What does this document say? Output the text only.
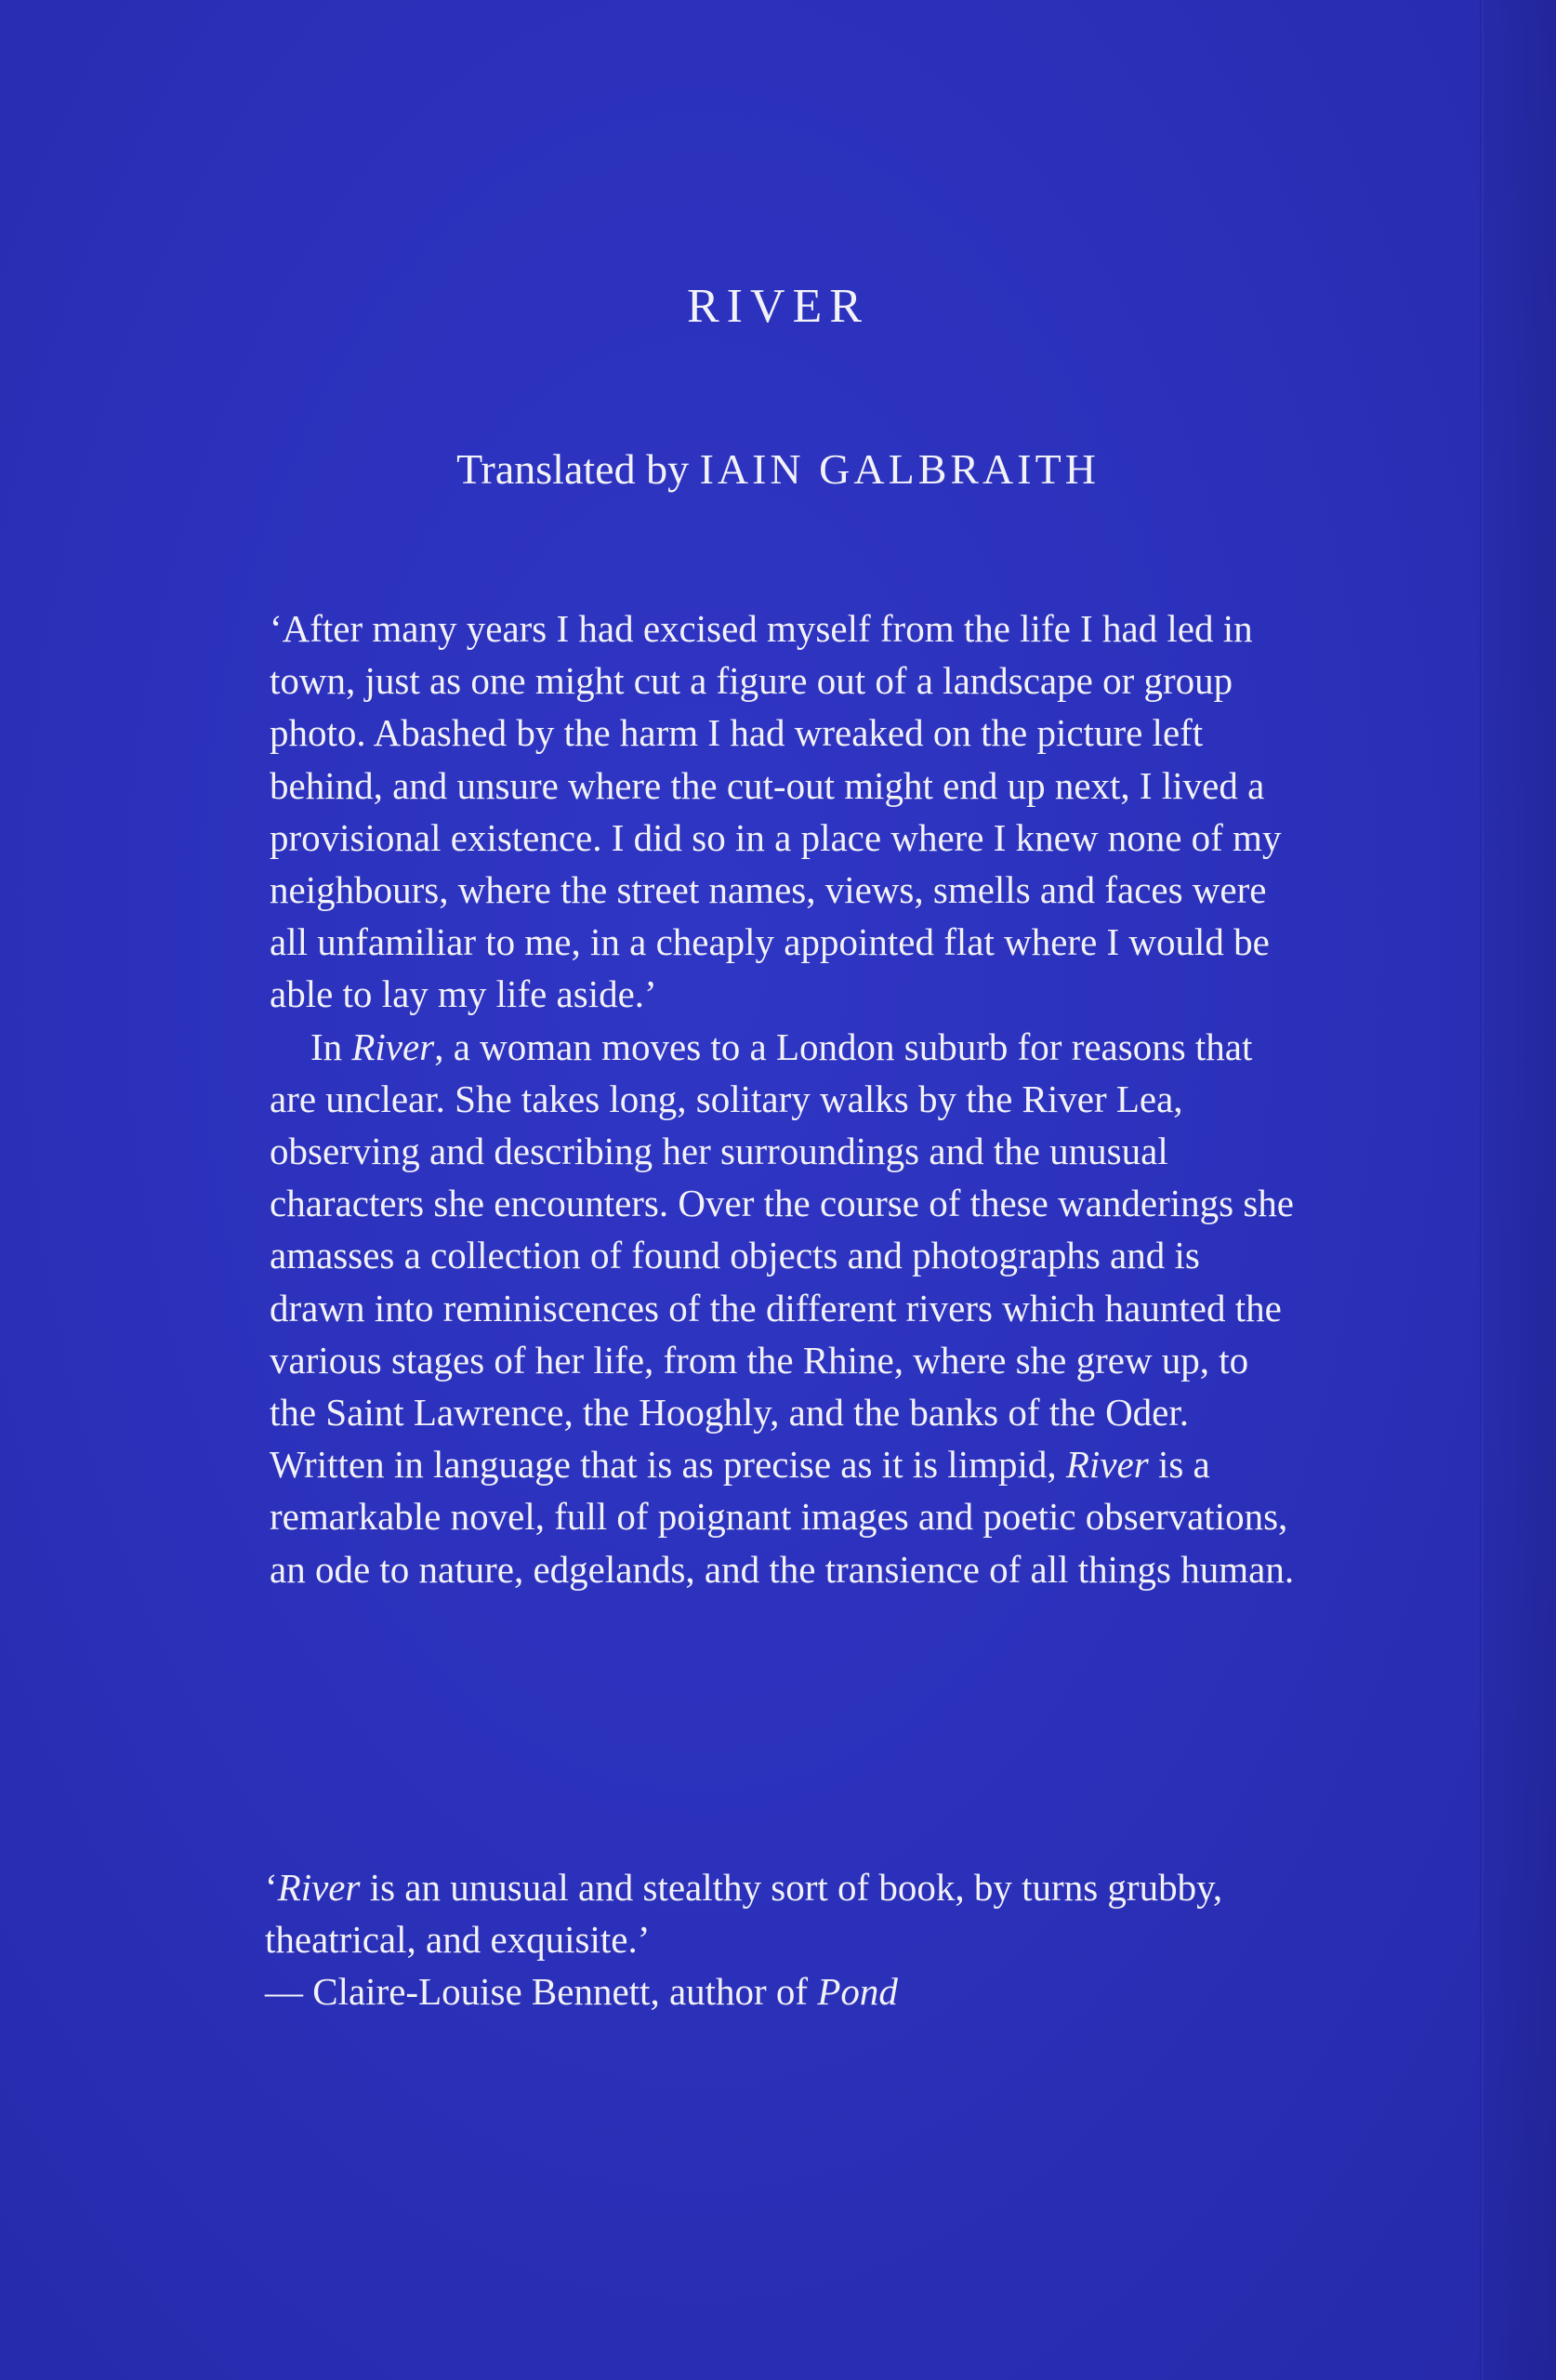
RIVER

Translated by IAIN GALBRAITH

‘After many years I had excised myself from the life I had led in town, just as one might cut a figure out of a landscape or group photo. Abashed by the harm I had wreaked on the picture left behind, and unsure where the cut-out might end up next, I lived a provisional existence. I did so in a place where I knew none of my neighbours, where the street names, views, smells and faces were all unfamiliar to me, in a cheaply appointed flat where I would be able to lay my life aside.’

In River, a woman moves to a London suburb for reasons that are unclear. She takes long, solitary walks by the River Lea, observing and describing her surroundings and the unusual characters she encounters. Over the course of these wanderings she amasses a collection of found objects and photographs and is drawn into reminiscences of the different rivers which haunted the various stages of her life, from the Rhine, where she grew up, to the Saint Lawrence, the Hooghly, and the banks of the Oder. Written in language that is as precise as it is limpid, River is a remarkable novel, full of poignant images and poetic observations, an ode to nature, edgelands, and the transience of all things human.

‘River is an unusual and stealthy sort of book, by turns grubby, theatrical, and exquisite.’

— Claire-Louise Bennett, author of Pond
